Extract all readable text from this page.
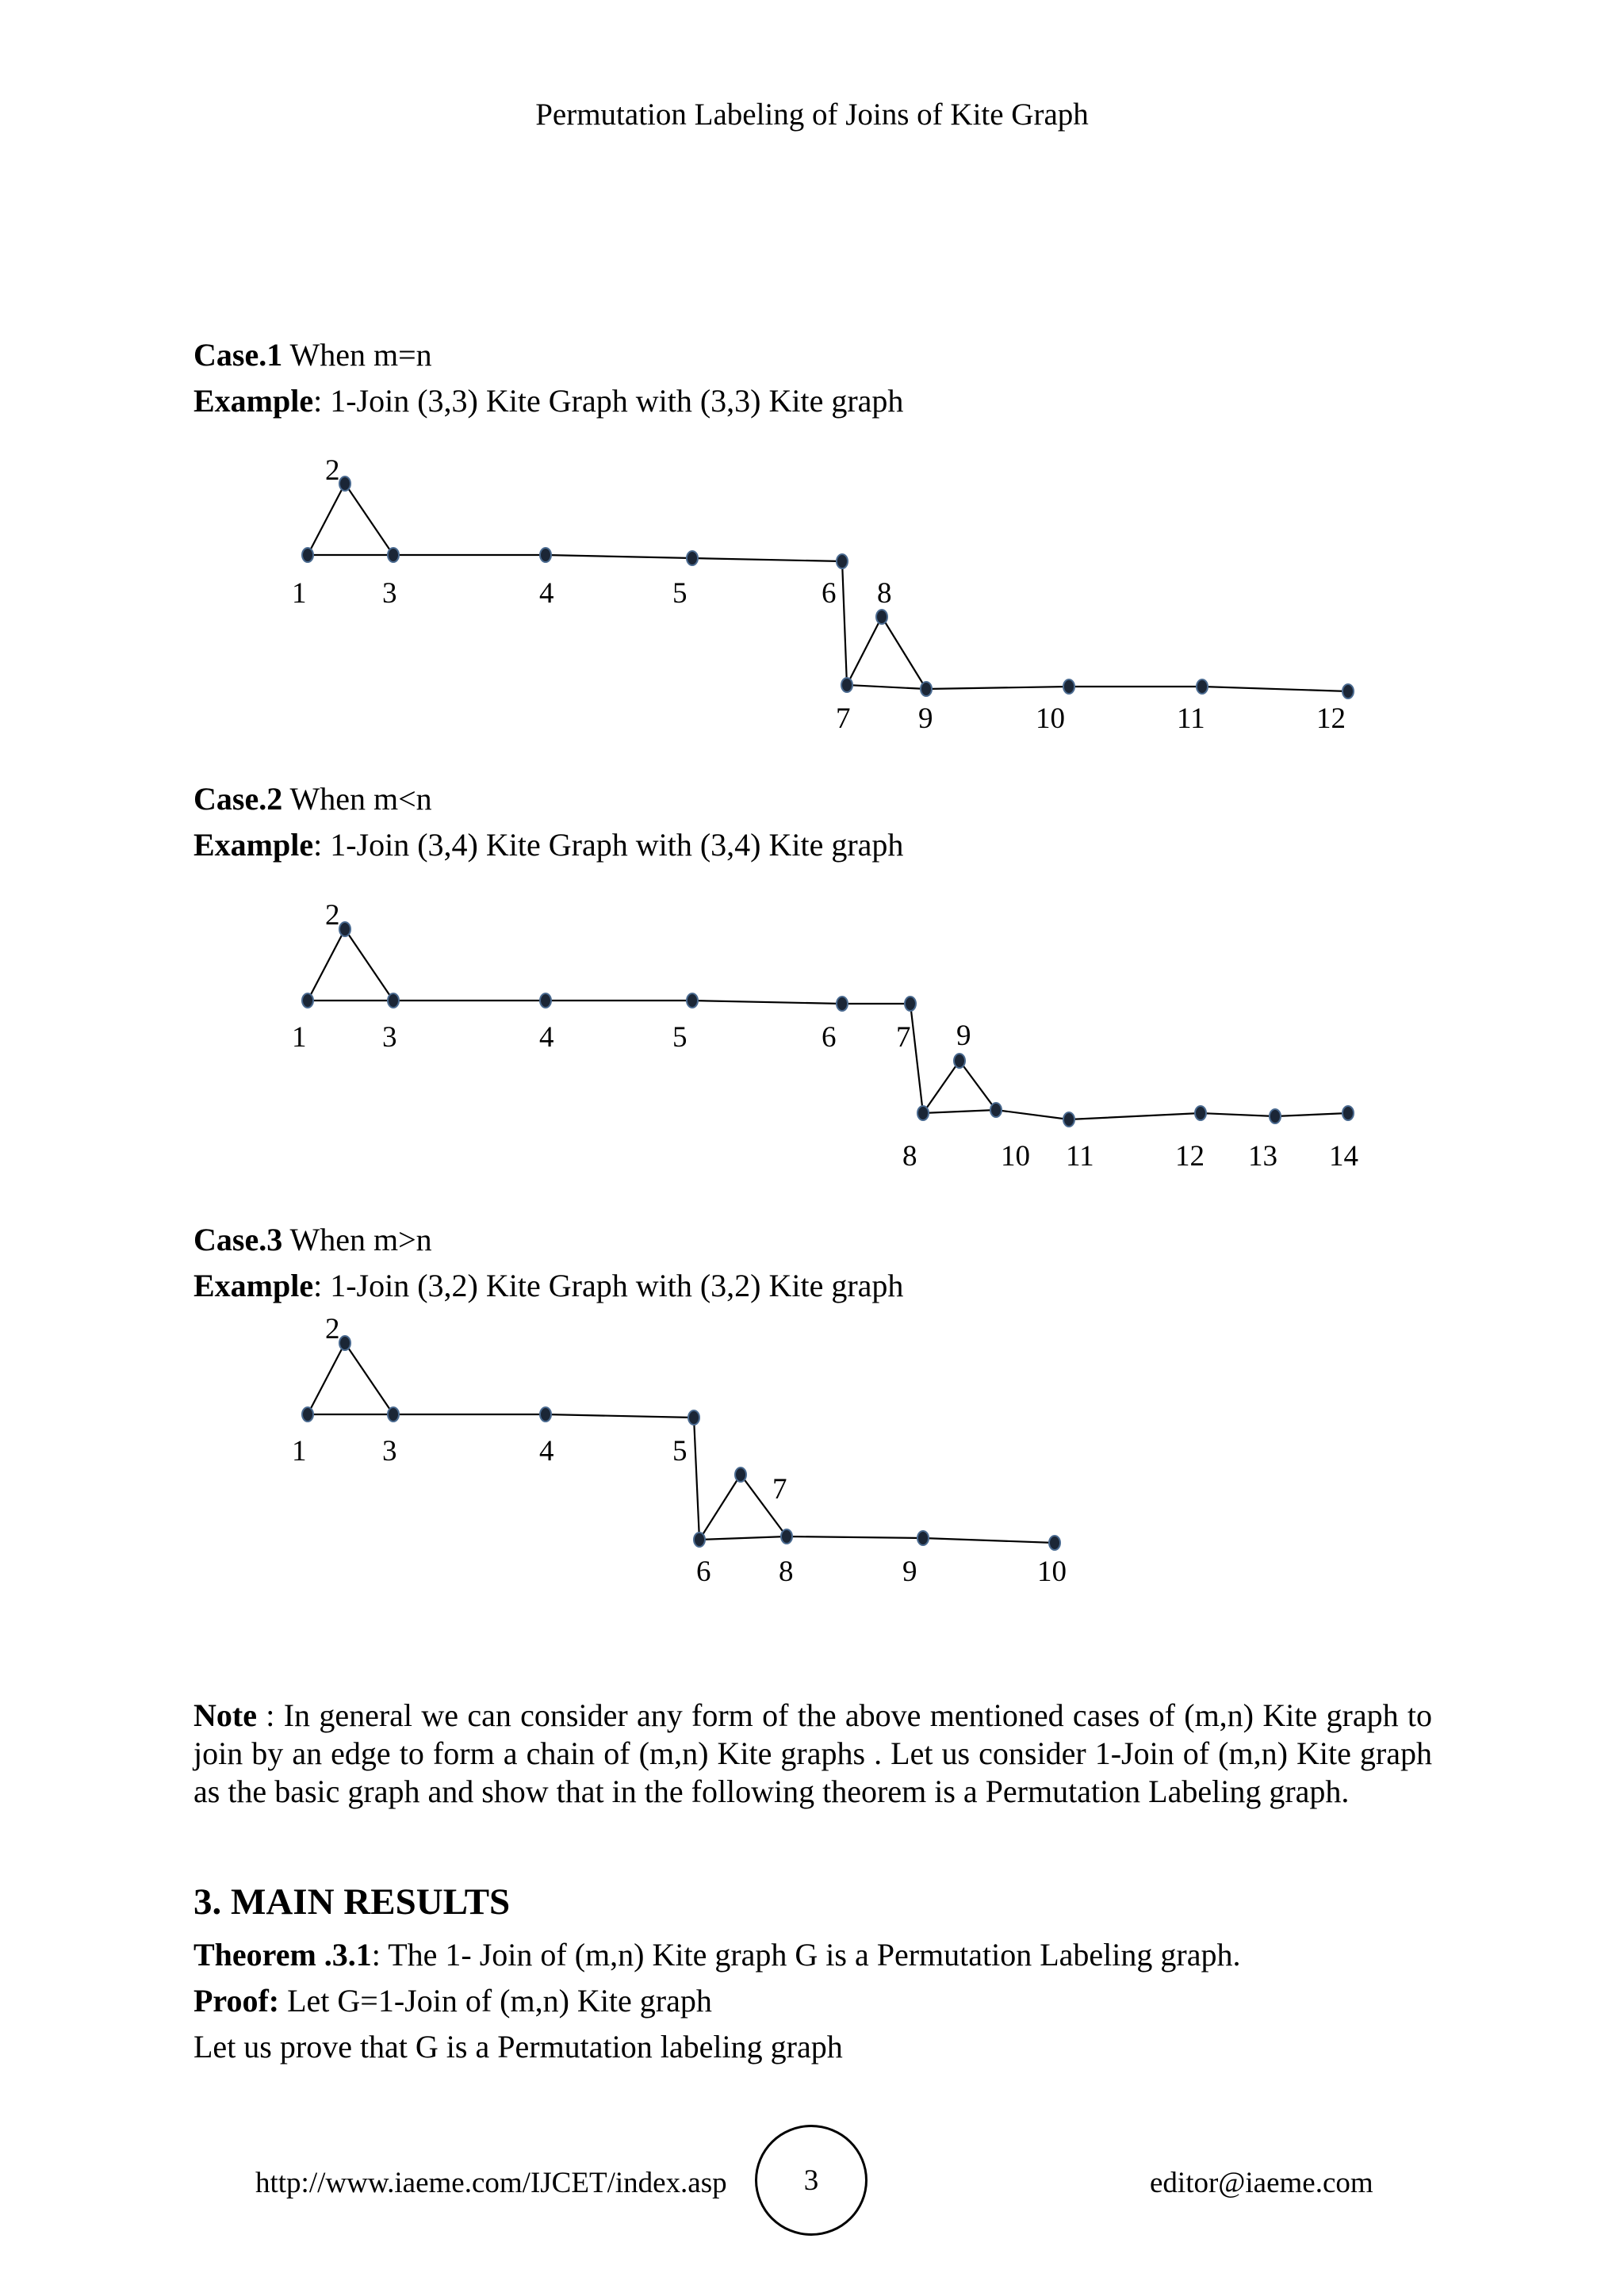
Permutation Labeling of Joins of Kite Graph
Case.1 When m=n
Example: 1-Join (3,3) Kite Graph with (3,3) Kite graph
1
2
3	4	5	6
7
8
9	10	11	12
Case.2 When m<n
Example: 1-Join (3,4) Kite Graph with (3,4) Kite graph
1
2
3	4	5	6 7
8
9
10 11	12 13 14
Case.3 When m>n
Example: 1-Join (3,2) Kite Graph with (3,2) Kite graph
1
2
3	4	5
6
7
8	9	10
Note : In general we can consider any form of the above mentioned cases of (m,n) Kite graph to join by an edge to form a chain of (m,n) Kite graphs . Let us consider 1-Join of (m,n) Kite graph as the basic graph and show that in the following theorem is a Permutation Labeling graph.
3. MAIN RESULTS
Theorem .3.1: The 1- Join of (m,n) Kite graph G is a Permutation Labeling graph.
Proof: Let G=1-Join of (m,n) Kite graph
Let us prove that G is a Permutation labeling graph
http://www.iaeme.com/IJCET/index.asp	3	editor@iaeme.com
